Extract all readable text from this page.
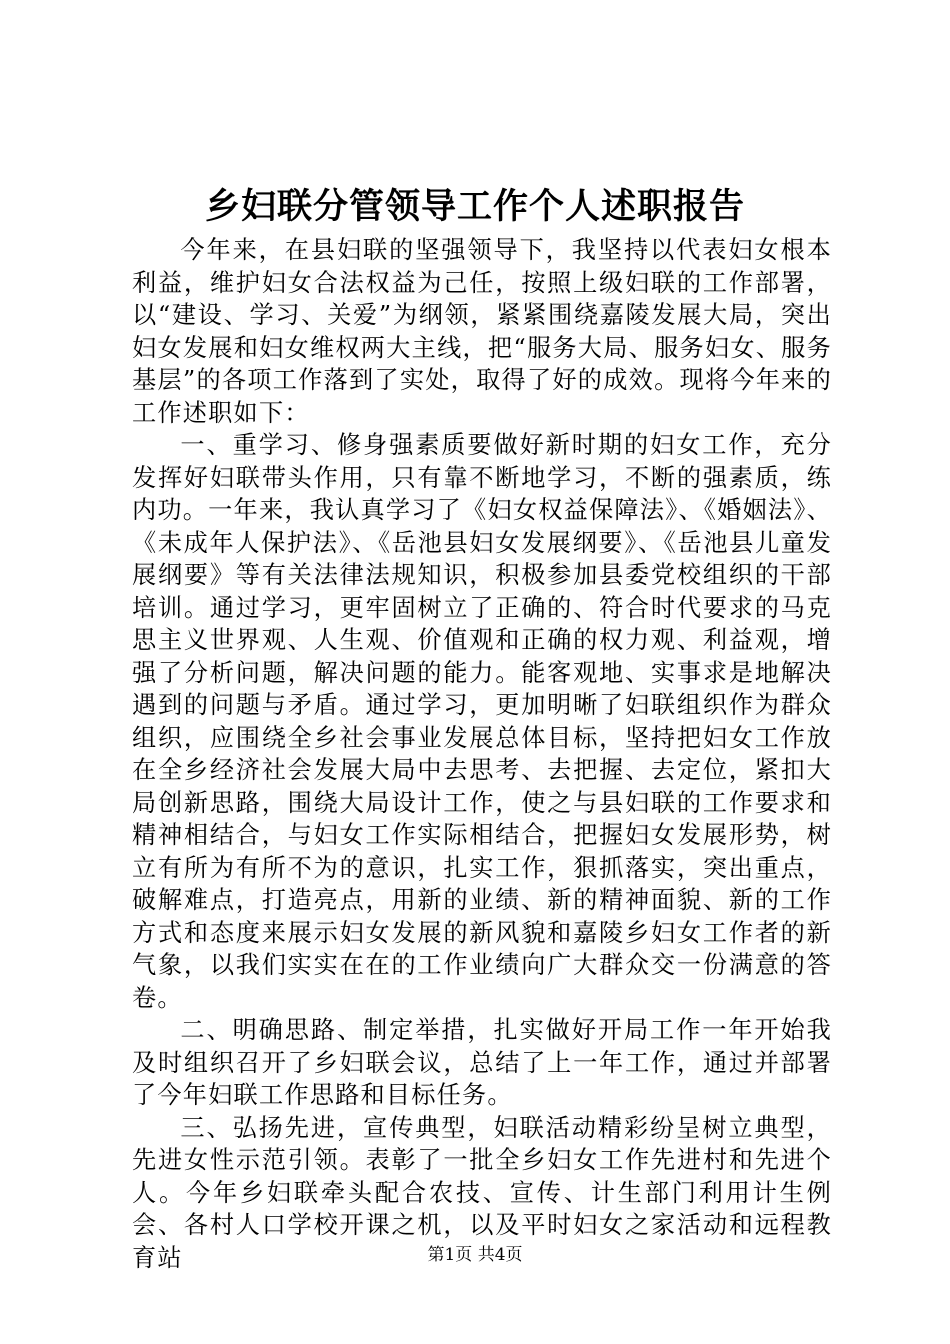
乡妇联分管领导工作个人述职报告

今年来，在县妇联的坚强领导下，我坚持以代表妇女根本利益，维护妇女合法权益为己任，按照上级妇联的工作部署，以“建设、学习、关爱”为纲领，紧紧围绕嘉陵发展大局，突出妇女发展和妇女维权两大主线，把“服务大局、服务妇女、服务基层”的各项工作落到了实处，取得了好的成效。现将今年来的工作述职如下：

一、重学习、修身强素质要做好新时期的妇女工作，充分发挥好妇联带头作用，只有靠不断地学习，不断的强素质，练内功。一年来，我认真学习了《妇女权益保障法》、《婚姻法》、《未成年人保护法》、《岳池县妇女发展纲要》、《岳池县儿童发展纲要》等有关法律法规知识，积极参加县委党校组织的干部培训。通过学习，更牢固树立了正确的、符合时代要求的马克思主义世界观、人生观、价值观和正确的权力观、利益观，增强了分析问题，解决问题的能力。能客观地、实事求是地解决遇到的问题与矛盾。通过学习，更加明晰了妇联组织作为群众组织，应围绕全乡社会事业发展总体目标，坚持把妇女工作放在全乡经济社会发展大局中去思考、去把握、去定位，紧扣大局创新思路，围绕大局设计工作，使之与县妇联的工作要求和精神相结合，与妇女工作实际相结合，把握妇女发展形势，树立有所为有所不为的意识，扎实工作，狠抓落实，突出重点，破解难点，打造亮点，用新的业绩、新的精神面貌、新的工作方式和态度来展示妇女发展的新风貌和嘉陵乡妇女工作者的新气象，以我们实实在在的工作业绩向广大群众交一份满意的答卷。

二、明确思路、制定举措，扎实做好开局工作一年开始我及时组织召开了乡妇联会议，总结了上一年工作，通过并部署了今年妇联工作思路和目标任务。

三、弘扬先进，宣传典型，妇联活动精彩纷呈树立典型，先进女性示范引领。表彰了一批全乡妇女工作先进村和先进个人。今年乡妇联牵头配合农技、宣传、计生部门利用计生例会、各村人口学校开课之机，以及平时妇女之家活动和远程教育站	第1页 共4页
